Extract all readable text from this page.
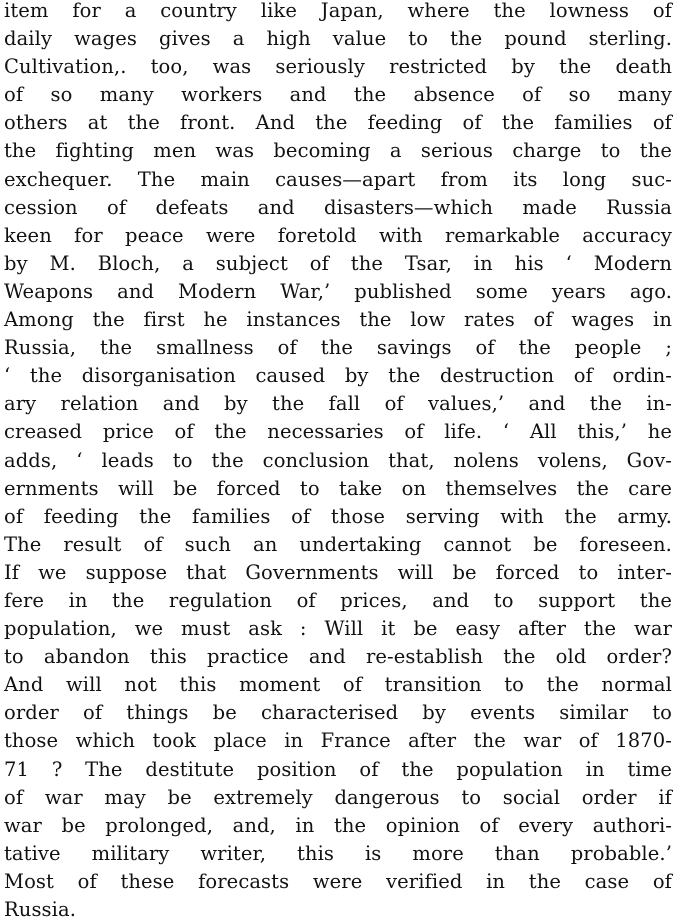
item for a country like Japan, where the lowness of
daily wages gives a high value to the pound sterling.
Cultivation,. too, was seriously restricted by the death
of so many workers and the absence of so many
others at the front. And the feeding of the families of
the fighting men was becoming a serious charge to the
exchequer. The main causes—apart from its long suc-
cession of defeats and disasters—which made Russia
keen for peace were foretold with remarkable accuracy
by M. Bloch, a subject of the Tsar, in his ‘ Modern
Weapons and Modern War,’ published some years ago.
Among the first he instances the low rates of wages in
Russia, the smallness of the savings of the people ;
‘ the disorganisation caused by the destruction of ordin-
ary relation and by the fall of values,’ and the in-
creased price of the necessaries of life. ‘ All this,’ he
adds, ‘ leads to the conclusion that, nolens volens, Gov-
ernments will be forced to take on themselves the care
of feeding the families of those serving with the army.
The result of such an undertaking cannot be foreseen.
If we suppose that Governments will be forced to inter-
fere in the regulation of prices, and to support the
population, we must ask : Will it be easy after the war
to abandon this practice and re-establish the old order?
And will not this moment of transition to the normal
order of things be characterised by events similar to
those which took place in France after the war of 1870-
71 ? The destitute position of the population in time
of war may be extremely dangerous to social order if
war be prolonged, and, in the opinion of every authori-
tative military writer, this is more than probable.’
Most of these forecasts were verified in the case of
Russia.
